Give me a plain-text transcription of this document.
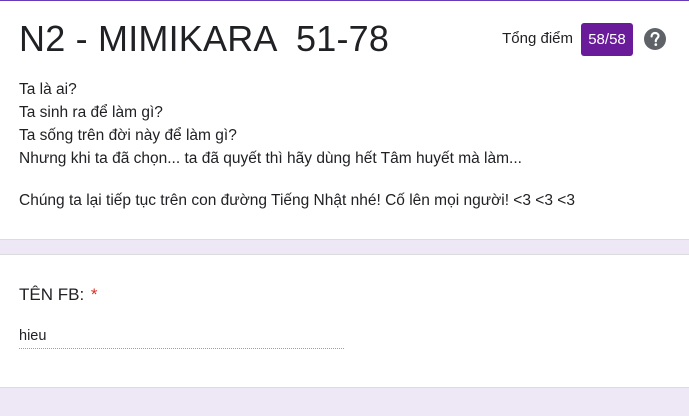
N2 - MIMIKARA  51-78	Tổng điểm	58/58
Ta là ai?
Ta sinh ra để làm gì?
Ta sống trên đời này để làm gì?
Nhưng khi ta đã chọn... ta đã quyết thì hãy dùng hết Tâm huyết mà làm...
Chúng ta lại tiếp tục trên con đường Tiếng Nhật nhé! Cố lên mọi người! <3 <3 <3
TÊN FB: *
hieu
